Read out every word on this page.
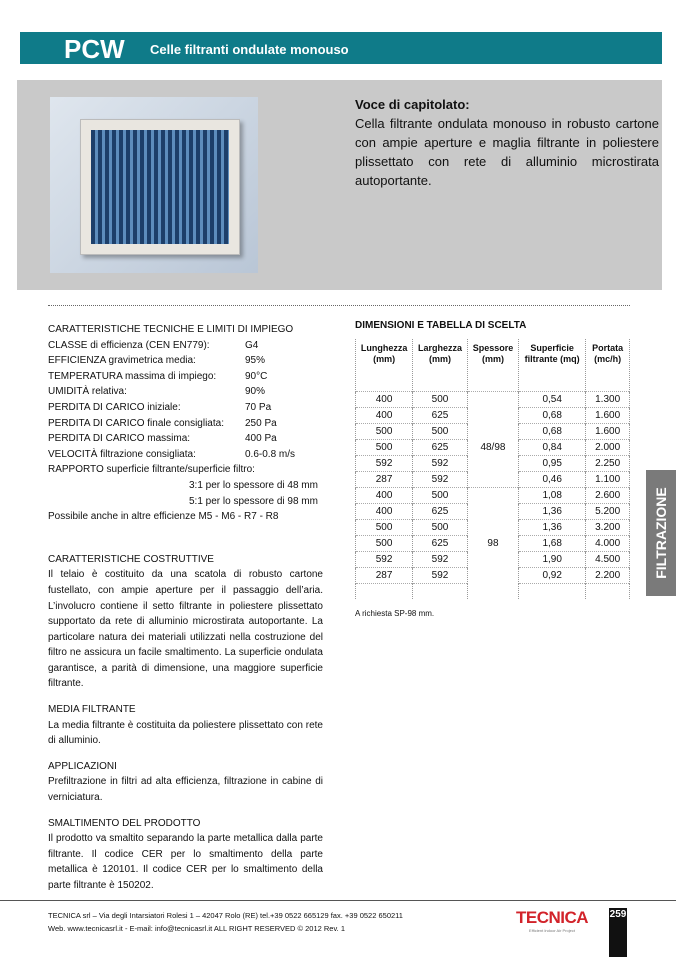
PCW Celle filtranti ondulate monouso
Voce di capitolato:
Cella filtrante ondulata monouso in robusto cartone con ampie aperture e maglia filtrante in poliestere plissettato con rete di alluminio microstirata autoportante.
CARATTERISTICHE TECNICHE E LIMITI DI IMPIEGO
CLASSE di efficienza (CEN EN779):	G4
EFFICIENZA gravimetrica media:	95%
TEMPERATURA massima di impiego:	90°C
UMIDITÀ relativa:	90%
PERDITA DI CARICO iniziale:	70 Pa
PERDITA DI CARICO finale consigliata:	250 Pa
PERDITA DI CARICO massima:	400 Pa
VELOCITÀ filtrazione consigliata:	0.6-0.8 m/s
RAPPORTO superficie filtrante/superficie filtro:
3:1 per lo spessore di 48 mm
5:1 per lo spessore di 98 mm
Possibile anche in altre efficienze M5 - M6 - R7 - R8
CARATTERISTICHE COSTRUTTIVE
Il telaio è costituito da una scatola di robusto cartone fustellato, con ampie aperture per il passaggio dell’aria. L’involucro contiene il setto filtrante in poliestere plissettato supportato da rete di alluminio microstirata autoportante. La particolare natura dei materiali utilizzati nella costruzione del filtro ne assicura un facile smaltimento. La superficie ondulata garantisce, a parità di dimensione, una maggiore superficie filtrante.
MEDIA FILTRANTE
La media filtrante è costituita da poliestere plissettato con rete di alluminio.
APPLICAZIONI
Prefiltrazione in filtri ad alta efficienza, filtrazione in cabine di verniciatura.
SMALTIMENTO DEL PRODOTTO
Il prodotto va smaltito separando la parte metallica dalla parte filtrante. Il codice CER per lo smaltimento della parte metallica è 120101. Il codice CER per lo smaltimento della parte filtrante è 150202.
DIMENSIONI E TABELLA DI SCELTA
Lunghezza (mm)	Larghezza (mm)	Spessore (mm)	Superficie filtrante (mq)	Portata (mc/h)
400	500		0,54	1.300
400	625		0,68	1.600
500	500		0,68	1.600
500	625	48/98	0,84	2.000
592	592		0,95	2.250
287	592		0,46	1.100
400	500		1,08	2.600
400	625		1,36	5.200
500	500		1,36	3.200
500	625	98	1,68	4.000
592	592		1,90	4.500
287	592		0,92	2.200

A richiesta SP-98 mm.
FILTRAZIONE
TECNICA srl – Via degli Intarsiatori Rolesi 1 – 42047 Rolo (RE) tel.+39 0522 665129 fax. +39 0522 650211
Web. www.tecnicasrl.it - E-mail: info@tecnicasrl.it ALL RIGHT RESERVED © 2012 Rev. 1
TECNICA
Efficient Indoor Air Project
259
